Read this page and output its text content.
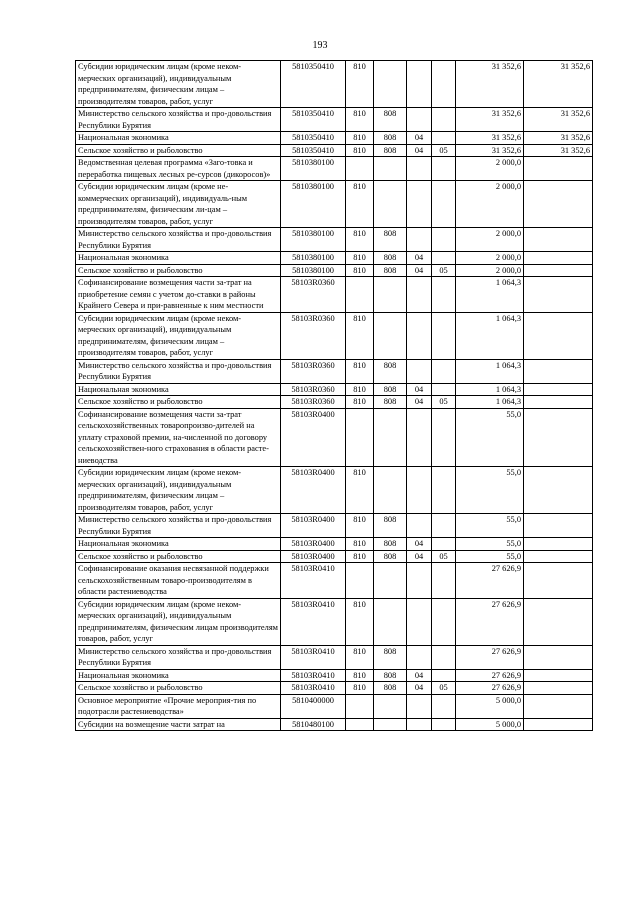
193
Субсидии юридическим лицам (кроме неком-мерческих организаций), индивидуальным предпринимателям, физическим лицам – производителям товаров, работ, услуг	5810350410	810				31 352,6	31 352,6
Министерство сельского хозяйства и про-довольствия Республики Бурятия	5810350410	810	808			31 352,6	31 352,6
Национальная экономика	5810350410	810	808	04		31 352,6	31 352,6
Сельское хозяйство и рыболовство	5810350410	810	808	04	05	31 352,6	31 352,6
Ведомственная целевая программа «Заго-товка и переработка пищевых лесных ре-сурсов (дикоросов)»	5810380100					2 000,0	
Субсидии юридическим лицам (кроме не-коммерческих организаций), индивидуаль-ным предпринимателям, физическим ли-цам – производителям товаров, работ, услуг	5810380100	810				2 000,0	
Министерство сельского хозяйства и про-довольствия Республики Бурятия	5810380100	810	808			2 000,0	
Национальная экономика	5810380100	810	808	04		2 000,0	
Сельское хозяйство и рыболовство	5810380100	810	808	04	05	2 000,0	
Софинансирование возмещения части за-трат на приобретение семян с учетом до-ставки в районы Крайнего Севера и при-равненные к ним местности	58103R0360					1 064,3	
Субсидии юридическим лицам (кроме неком-мерческих организаций), индивидуальным предпринимателям, физическим лицам – производителям товаров, работ, услуг	58103R0360	810				1 064,3	
Министерство сельского хозяйства и про-довольствия Республики Бурятия	58103R0360	810	808			1 064,3	
Национальная экономика	58103R0360	810	808	04		1 064,3	
Сельское хозяйство и рыболовство	58103R0360	810	808	04	05	1 064,3	
Софинансирование возмещения части за-трат сельскохозяйственных товаропроизво-дителей на уплату страховой премии, на-численной по договору сельскохозяйствен-ного страхования в области расте-ниеводства	58103R0400					55,0	
Субсидии юридическим лицам (кроме неком-мерческих организаций), индивидуальным предпринимателям, физическим лицам – производителям товаров, работ, услуг	58103R0400	810				55,0	
Министерство сельского хозяйства и про-довольствия Республики Бурятия	58103R0400	810	808			55,0	
Национальная экономика	58103R0400	810	808	04		55,0	
Сельское хозяйство и рыболовство	58103R0400	810	808	04	05	55,0	
Софинансирование оказания несвязанной поддержки сельскохозяйственным товаро-производителям в области растениеводства	58103R0410					27 626,9	
Субсидии юридическим лицам (кроме неком-мерческих организаций), индивидуальным предпринимателям, физическим лицам производителям товаров, работ, услуг	58103R0410	810				27 626,9	
Министерство сельского хозяйства и про-довольствия Республики Бурятия	58103R0410	810	808			27 626,9	
Национальная экономика	58103R0410	810	808	04		27 626,9	
Сельское хозяйство и рыболовство	58103R0410	810	808	04	05	27 626,9	
Основное мероприятие «Прочие мероприя-тия по подотрасли растениеводства»	5810400000					5 000,0	
Субсидии на возмещение части затрат на	5810480100					5 000,0	
